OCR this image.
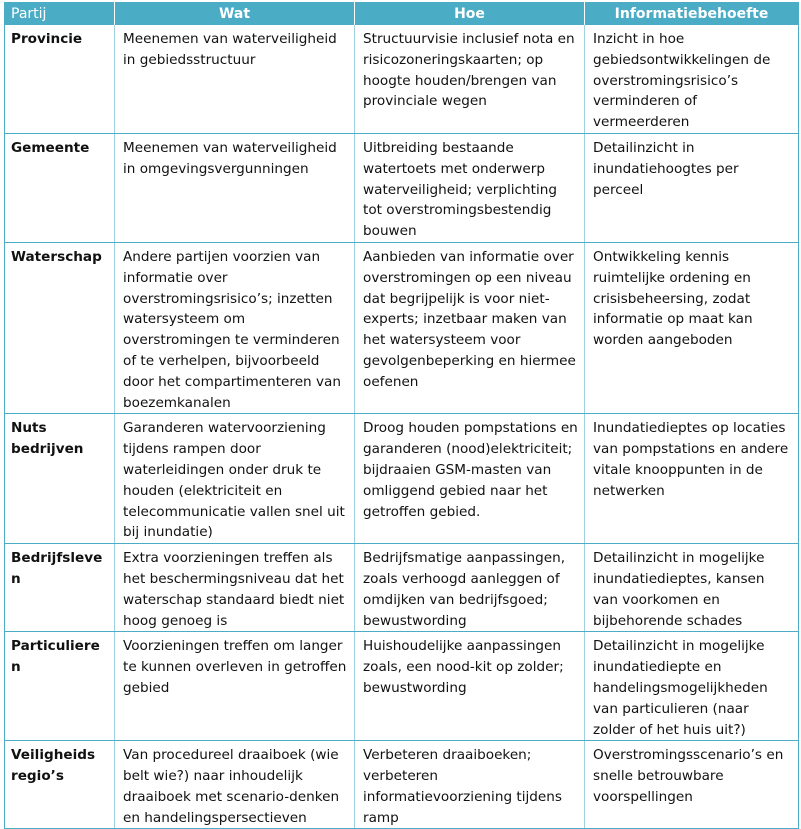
Partij	Wat	Hoe	Informatiebehoefte
Provincie	Meenemen van waterveiligheid in gebiedsstructuur	Structuurvisie inclusief nota en risicozoneringskaarten; op hoogte houden/brengen van provinciale wegen	Inzicht in hoe gebiedsontwikkelingen de overstromingsrisico’s verminderen of vermeerderen
Gemeente	Meenemen van waterveiligheid in omgevingsvergunningen	Uitbreiding bestaande watertoets met onderwerp waterveiligheid; verplichting tot overstromingsbestendig bouwen	Detailinzicht in inundatiehoogtes per perceel
Waterschap	Andere partijen voorzien van informatie over overstromingsrisico’s; inzetten watersysteem om overstromingen te verminderen of te verhelpen, bijvoorbeeld door het compartimenteren van boezemkanalen	Aanbieden van informatie over overstromingen op een niveau dat begrijpelijk is voor niet-experts; inzetbaar maken van het watersysteem voor gevolgenbeperking en hiermee oefenen	Ontwikkeling kennis ruimtelijke ordening en crisisbeheersing, zodat informatie op maat kan worden aangeboden
Nuts bedrijven	Garanderen watervoorziening tijdens rampen door waterleidingen onder druk te houden (elektriciteit en telecommunicatie vallen snel uit bij inundatie)	Droog houden pompstations en garanderen (nood)elektriciteit; bijdraaien GSM-masten van omliggend gebied naar het getroffen gebied.	Inundatiedieptes op locaties van pompstations en andere vitale knooppunten in de netwerken
Bedrijfsleven	Extra voorzieningen treffen als het beschermingsniveau dat het waterschap standaard biedt niet hoog genoeg is	Bedrijfsmatige aanpassingen, zoals verhoogd aanleggen of omdijken van bedrijfsgoed; bewustwording	Detailinzicht in mogelijke inundatiedieptes, kansen van voorkomen en bijbehorende schades
Particulieren	Voorzieningen treffen om langer te kunnen overleven in getroffen gebied	Huishoudelijke aanpassingen zoals, een nood-kit op zolder; bewustwording	Detailinzicht in mogelijke inundatiediepte en handelingsmogelijkheden van particulieren (naar zolder of het huis uit?)
Veiligheids regio’s	Van procedureel draaiboek (wie belt wie?) naar inhoudelijk draaiboek met scenario-denken en handelingspersectieven	Verbeteren draaiboeken; verbeteren informatievoorziening tijdens ramp	Overstromingsscenario’s en snelle betrouwbare voorspellingen
